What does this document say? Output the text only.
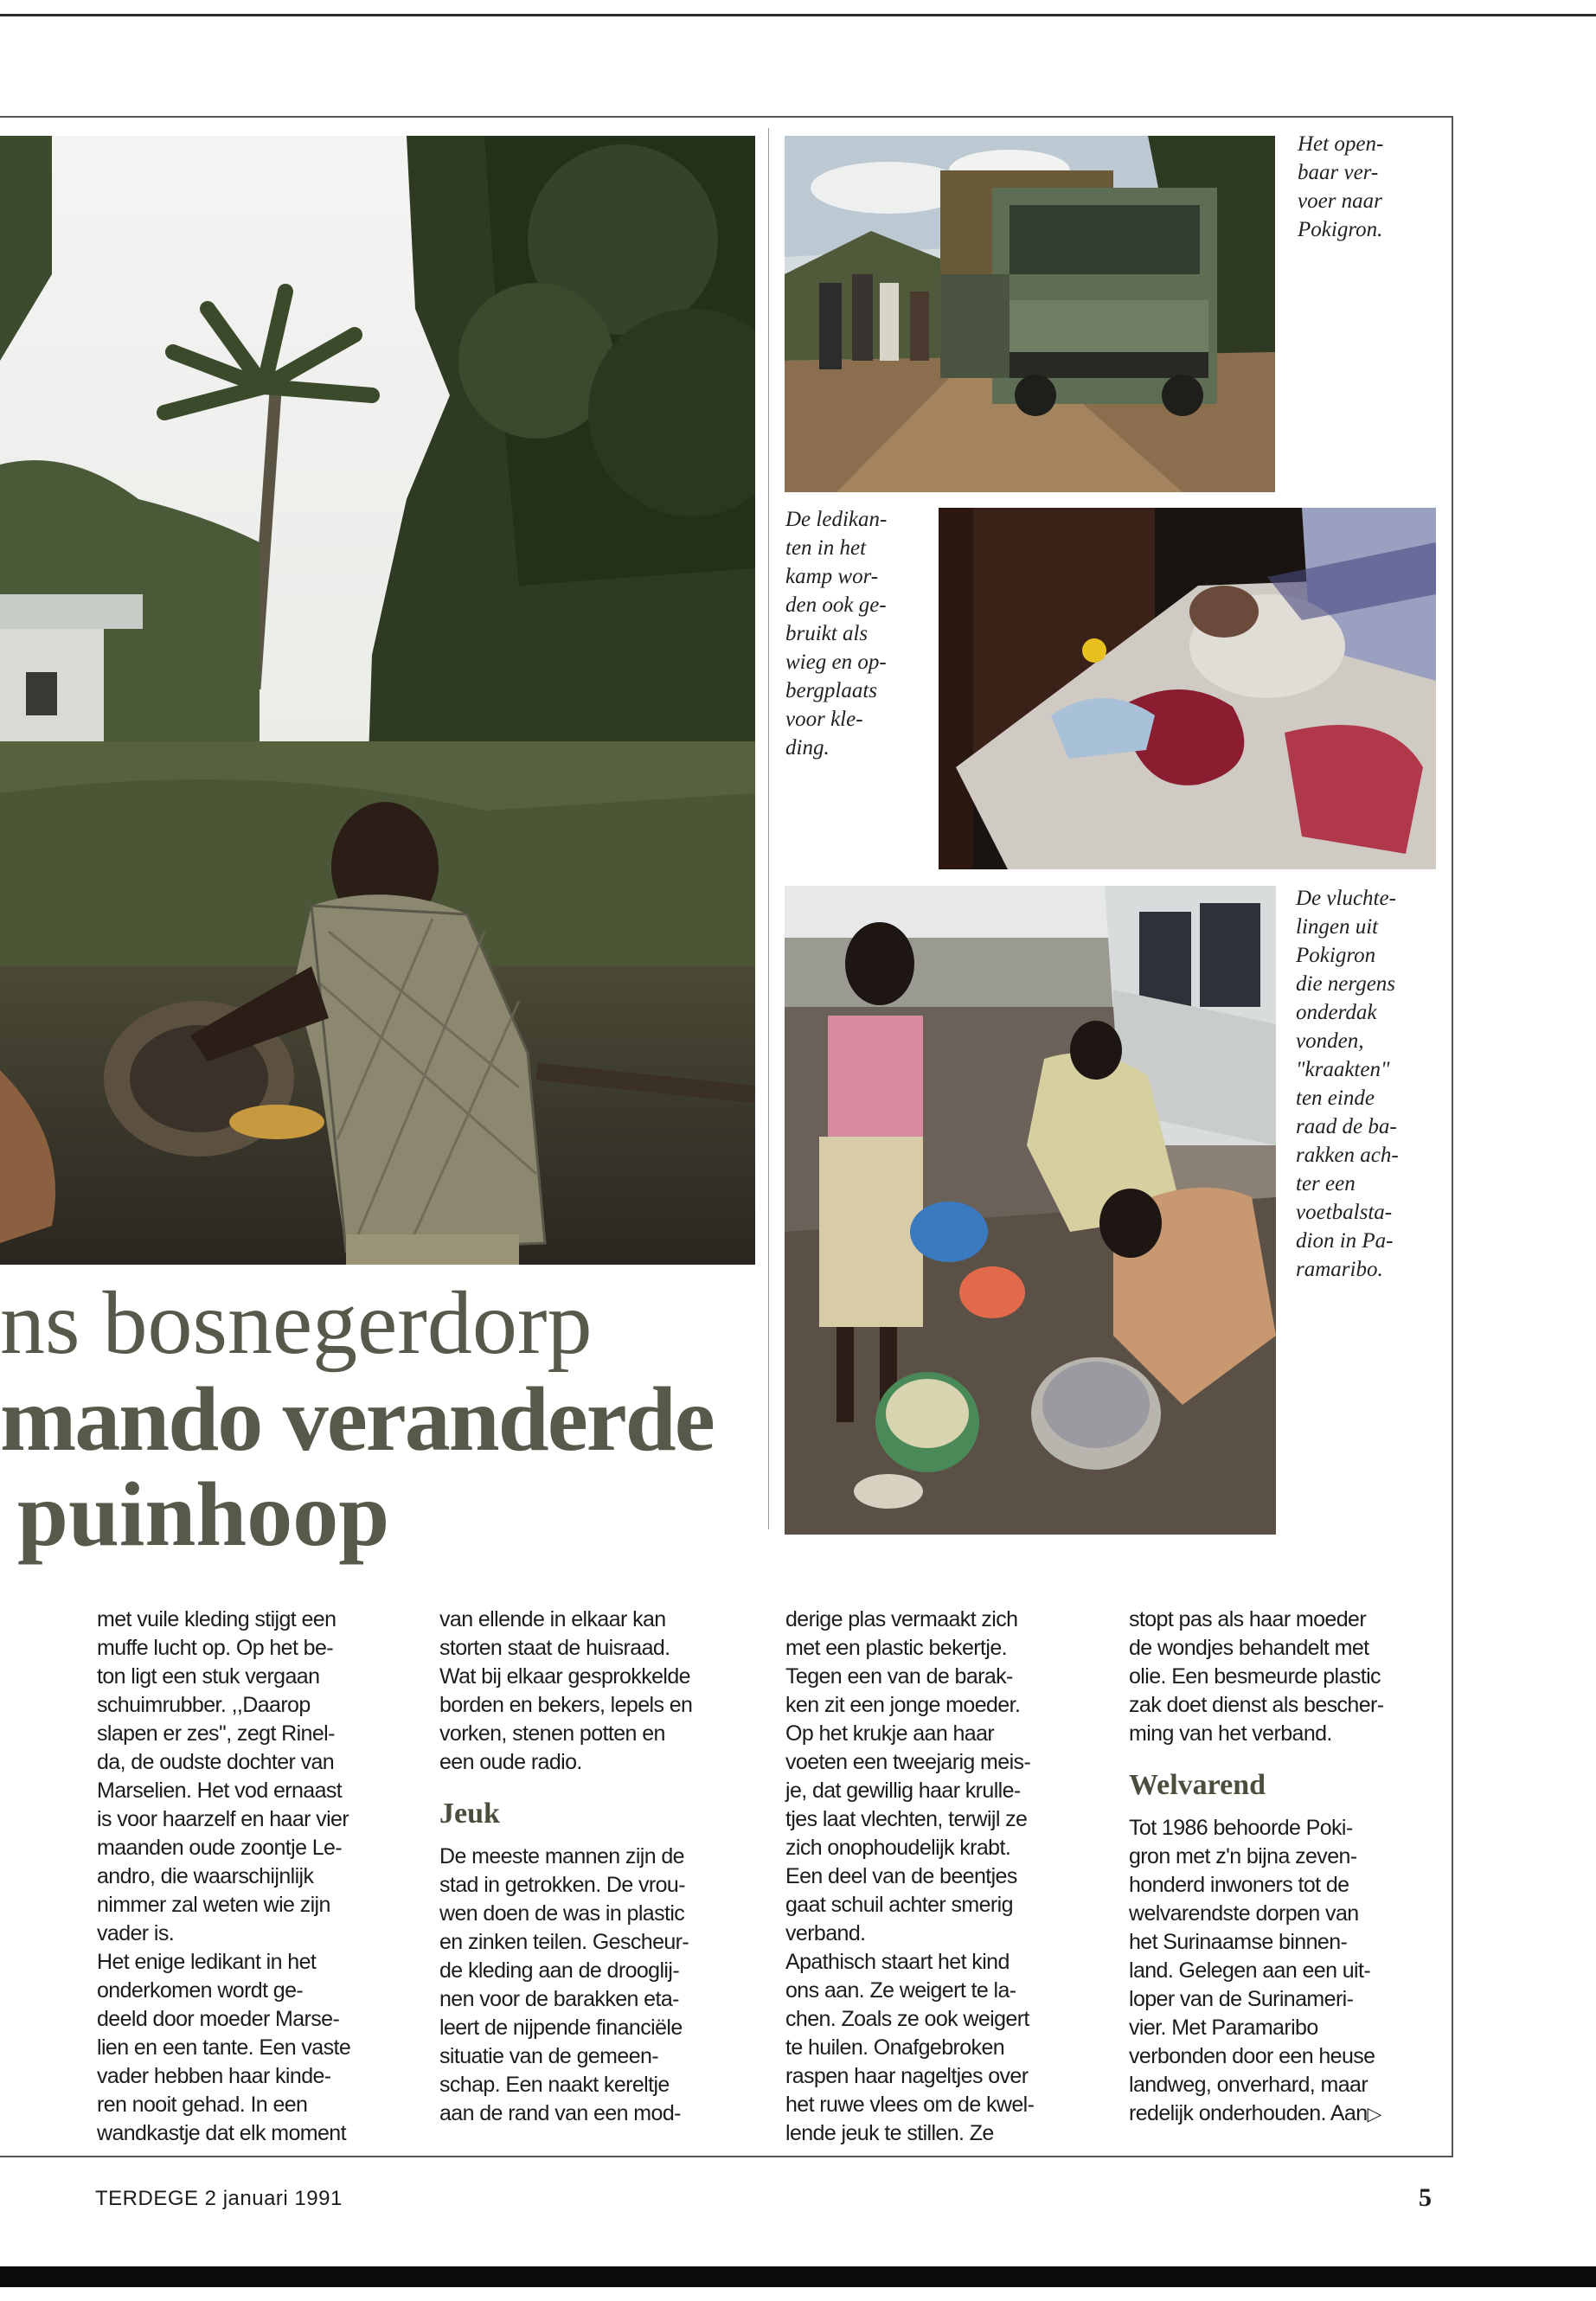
Het open-
baar ver-
voer naar
Pokigron.
De ledikan-
ten in het
kamp wor-
den ook ge-
bruikt als
wieg en op-
bergplaats
voor kle-
ding.
De vluchte-
lingen uit
Pokigron
die nergens
onderdak
vonden,
"kraakten"
ten einde
raad de ba-
rakken ach-
ter een
voetbalsta-
dion in Pa-
ramaribo.
ns bosnegerdorp
mando veranderde
puinhoop
met vuile kleding stijgt een
muffe lucht op. Op het be-
ton ligt een stuk vergaan
schuimrubber. ,,Daarop
slapen er zes'', zegt Rinel-
da, de oudste dochter van
Marselien. Het vod ernaast
is voor haarzelf en haar vier
maanden oude zoontje Le-
andro, die waarschijnlijk
nimmer zal weten wie zijn
vader is.
Het enige ledikant in het
onderkomen wordt ge-
deeld door moeder Marse-
lien en een tante. Een vaste
vader hebben haar kinde-
ren nooit gehad. In een
wandkastje dat elk moment
van ellende in elkaar kan
storten staat de huisraad.
Wat bij elkaar gesprokkelde
borden en bekers, lepels en
vorken, stenen potten en
een oude radio.
Jeuk
De meeste mannen zijn de
stad in getrokken. De vrou-
wen doen de was in plastic
en zinken teilen. Gescheur-
de kleding aan de drooglij-
nen voor de barakken eta-
leert de nijpende financiële
situatie van de gemeen-
schap. Een naakt kereltje
aan de rand van een mod-
derige plas vermaakt zich
met een plastic bekertje.
Tegen een van de barak-
ken zit een jonge moeder.
Op het krukje aan haar
voeten een tweejarig meis-
je, dat gewillig haar krulle-
tjes laat vlechten, terwijl ze
zich onophoudelijk krabt.
Een deel van de beentjes
gaat schuil achter smerig
verband.
Apathisch staart het kind
ons aan. Ze weigert te la-
chen. Zoals ze ook weigert
te huilen. Onafgebroken
raspen haar nageltjes over
het ruwe vlees om de kwel-
lende jeuk te stillen. Ze
stopt pas als haar moeder
de wondjes behandelt met
olie. Een besmeurde plastic
zak doet dienst als bescher-
ming van het verband.
Welvarend
Tot 1986 behoorde Poki-
gron met z'n bijna zeven-
honderd inwoners tot de
welvarendste dorpen van
het Surinaamse binnen-
land. Gelegen aan een uit-
loper van de Surinameri-
vier. Met Paramaribo
verbonden door een heuse
landweg, onverhard, maar
redelijk onderhouden. Aan▷
TERDEGE 2 januari 1991	5
